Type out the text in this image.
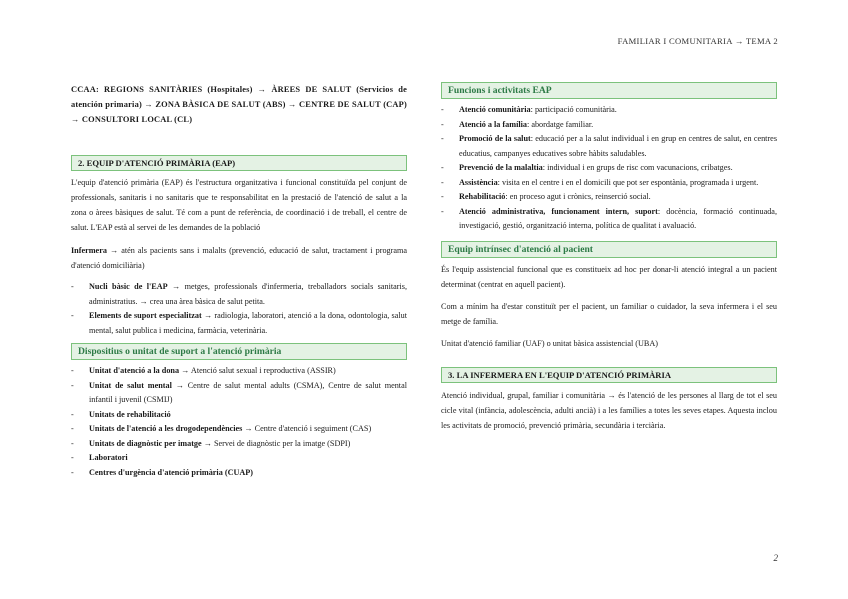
FAMILIAR I COMUNITARIA → TEMA 2
CCAA: REGIONS SANITÀRIES (Hospitales) → ÀREES DE SALUT (Servicios de atención primaria) → ZONA BÀSICA DE SALUT (ABS) → CENTRE DE SALUT (CAP) → CONSULTORI LOCAL (CL)
2. EQUIP D'ATENCIÓ PRIMÀRIA (EAP)

L'equip d'atenció primària (EAP) és l'estructura organitzativa i funcional constituïda pel conjunt de professionals, sanitaris i no sanitaris que te responsabilitat en la prestació de l'atenció de salut a la zona o àrees bàsiques de salut. Té com a punt de referència, de coordinació i de treball, el centre de salut. L'EAP està al servei de les demandes de la població

Infermera → atén als pacients sans i malalts (prevenció, educació de salut, tractament i programa d'atenció domiciliària)

- Nucli bàsic de l'EAP → metges, professionals d'infermeria, treballadors socials sanitaris, administratius. → crea una àrea bàsica de salut petita.
- Elements de suport especialitzat → radiologia, laboratori, atenció a la dona, odontologia, salut mental, salut publica i medicina, farmàcia, veterinària.
Dispositius o unitat de suport a l'atenció primària
- Unitat d'atenció a la dona → Atenció salut sexual i reproductiva (ASSIR)
- Unitat de salut mental → Centre de salut mental adults (CSMA), Centre de salut mental infantil i juvenil (CSMIJ)
- Unitats de rehabilitació
- Unitats de l'atenció a les drogodependències → Centre d'atenció i seguiment (CAS)
- Unitats de diagnòstic per imatge → Servei de diagnòstic per la imatge (SDPI)
- Laboratori
- Centres d'urgència d'atenció primària (CUAP)
Funcions i activitats EAP
- Atenció comunitària: participació comunitària.
- Atenció a la família: abordatge familiar.
- Promoció de la salut: educació per a la salut individual i en grup en centres de salut, en centres educatius, campanyes educatives sobre hàbits saludables.
- Prevenció de la malaltia: individual i en grups de risc com vacunacions, cribatges.
- Assistència: visita en el centre i en el domicili que pot ser espontània, programada i urgent.
- Rehabilitació: en proceso agut i crònics, reinserció social.
- Atenció administrativa, funcionament intern, suport: docència, formació continuada, investigació, gestió, organització interna, política de qualitat i avaluació.
Equip intrínsec d'atenció al pacient

És l'equip assistencial funcional que es constitueix ad hoc per donar-li atenció integral a un pacient determinat (centrat en aquell pacient).

Com a mínim ha d'estar constituït per el pacient, un familiar o cuidador, la seva infermera i el seu metge de família.

Unitat d'atenció familiar (UAF) o unitat bàsica assistencial (UBA)

3. LA INFERMERA EN L'EQUIP D'ATENCIÓ PRIMÀRIA

Atenció individual, grupal, familiar i comunitària → és l'atenció de les persones al llarg de tot el seu cicle vital (infància, adolescència, adulti ancià) i a les famílies a totes les seves etapes. Aquesta inclou les activitats de promoció, prevenció primària, secundària i terciària.

2
